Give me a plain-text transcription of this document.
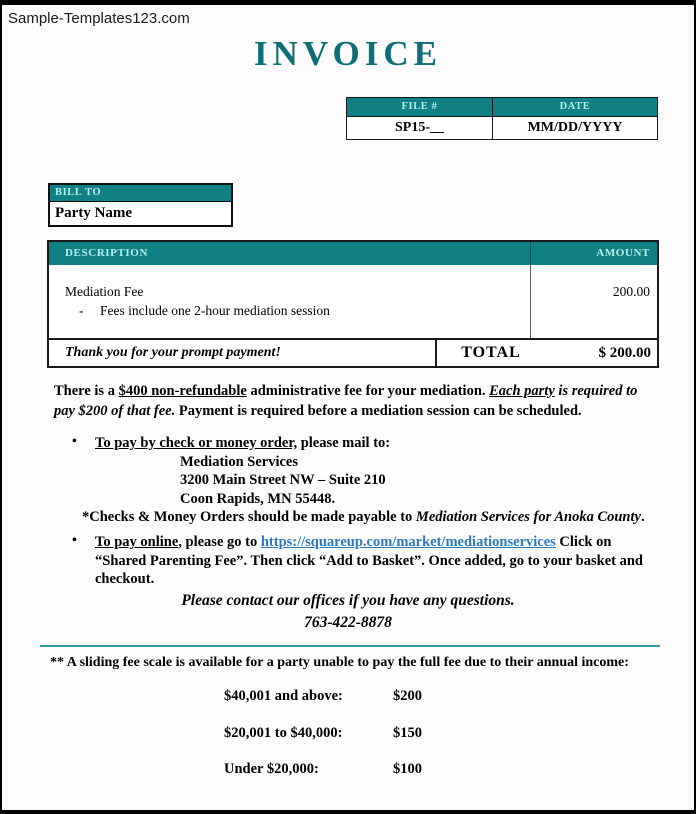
Sample-Templates123.com
INVOICE
FILE #	DATE
SP15-__	MM/DD/YYYY
BILL TO
Party Name
DESCRIPTION	AMOUNT
Mediation Fee
- Fees include one 2-hour mediation session
200.00
Thank you for your prompt payment!	TOTAL	$ 200.00
There is a $400 non-refundable administrative fee for your mediation. Each party is required to pay $200 of that fee. Payment is required before a mediation session can be scheduled.
•	To pay by check or money order, please mail to:
Mediation Services
3200 Main Street NW – Suite 210
Coon Rapids, MN 55448.
*Checks & Money Orders should be made payable to Mediation Services for Anoka County.
•	To pay online, please go to https://squareup.com/market/mediationservices Click on “Shared Parenting Fee”. Then click “Add to Basket”. Once added, go to your basket and checkout.
Please contact our offices if you have any questions.
763-422-8878
** A sliding fee scale is available for a party unable to pay the full fee due to their annual income:
$40,001 and above:	$200
$20,001 to $40,000:	$150
Under $20,000:	$100
